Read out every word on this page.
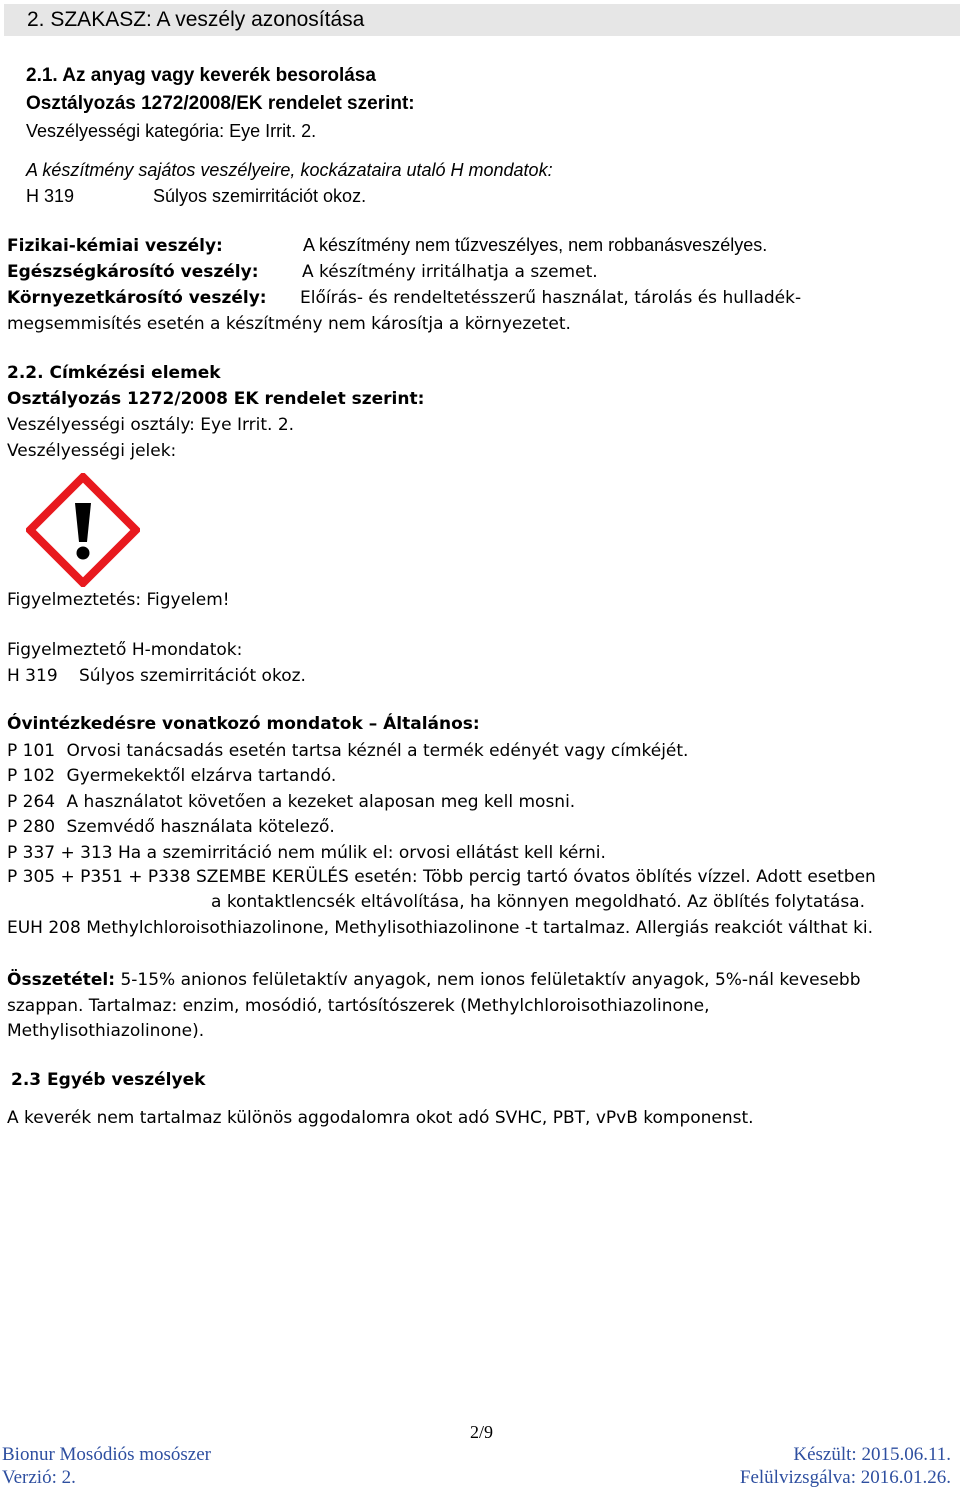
2. SZAKASZ: A veszély azonosítása
2.1. Az anyag vagy keverék besorolása
Osztályozás 1272/2008/EK rendelet szerint:
Veszélyességi kategória: Eye Irrit. 2.
A készítmény sajátos veszélyeire, kockázataira utaló H mondatok:
H 319	Súlyos szemirritációt okoz.
Fizikai-kémiai veszély:	A készítmény nem tűzveszélyes, nem robbanásveszélyes.
Egészségkárosító veszély:	A készítmény irritálhatja a szemet.
Környezetkárosító veszély: Előírás- és rendeltetésszerű használat, tárolás és hulladék-
megsemmisítés esetén a készítmény nem károsítja a környezetet.
2.2. Címkézési elemek
Osztályozás 1272/2008 EK rendelet szerint:
Veszélyességi osztály: Eye Irrit. 2.
Veszélyességi jelek:
Figyelmeztetés: Figyelem!
Figyelmeztető H-mondatok:
H 319 Súlyos szemirritációt okoz.
Óvintézkedésre vonatkozó mondatok – Általános:
P 101 Orvosi tanácsadás esetén tartsa kéznél a termék edényét vagy címkéjét.
P 102 Gyermekektől elzárva tartandó.
P 264 A használatot követően a kezeket alaposan meg kell mosni.
P 280 Szemvédő használata kötelező.
P 337 + 313 Ha a szemirritáció nem múlik el: orvosi ellátást kell kérni.
P 305 + P351 + P338 SZEMBE KERÜLÉS esetén: Több percig tartó óvatos öblítés vízzel. Adott esetben
a kontaktlencsék eltávolítása, ha könnyen megoldható. Az öblítés folytatása.
EUH 208 Methylchloroisothiazolinone, Methylisothiazolinone -t tartalmaz. Allergiás reakciót válthat ki.
Összetétel: 5-15% anionos felületaktív anyagok, nem ionos felületaktív anyagok, 5%-nál kevesebb
szappan. Tartalmaz: enzim, mosódió, tartósítószerek (Methylchloroisothiazolinone,
Methylisothiazolinone).
2.3 Egyéb veszélyek
A keverék nem tartalmaz különös aggodalomra okot adó SVHC, PBT, vPvB komponenst.
2/9
Bionur Mosódiós mosószer
Verzió: 2.
Készült: 2015.06.11.
Felülvizsgálva: 2016.01.26.
